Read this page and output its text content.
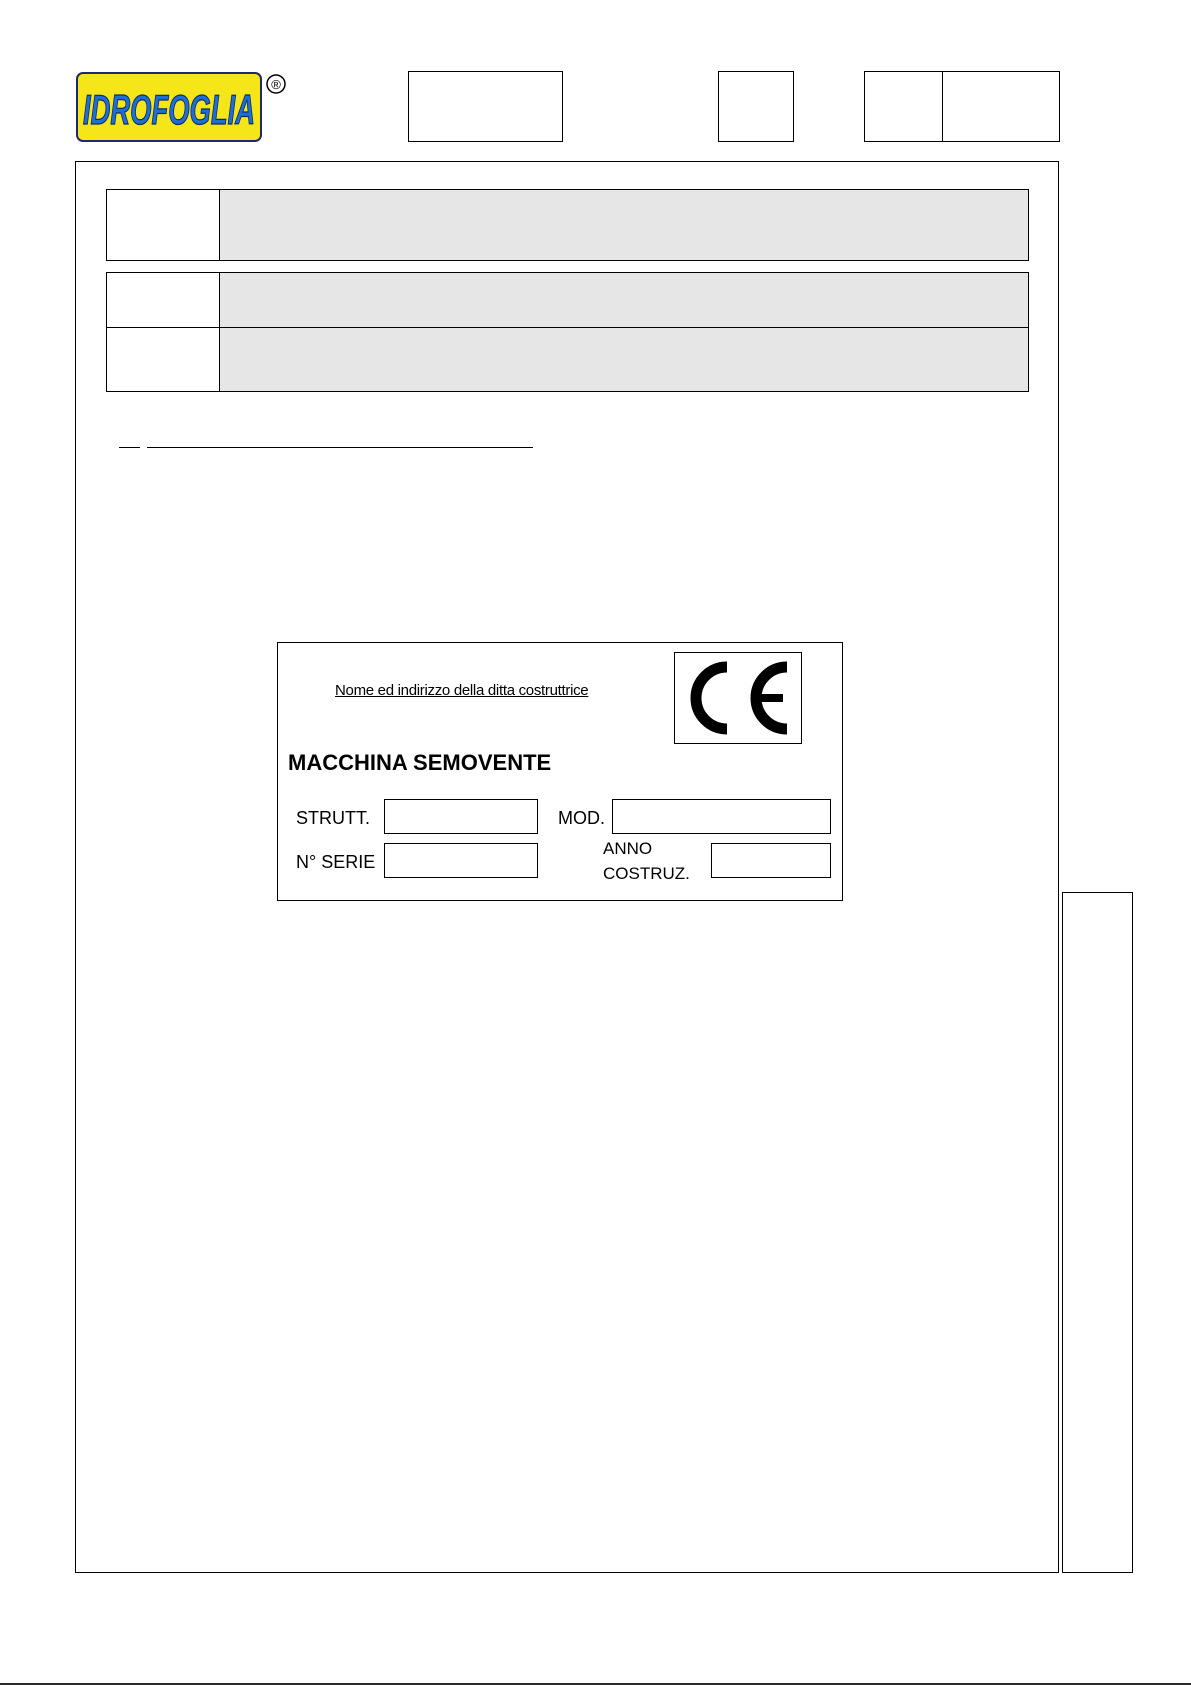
IDROFOGLIA
®
Nome ed indirizzo della ditta costruttrice
MACCHINA SEMOVENTE
STRUTT.	MOD.
N° SERIE
ANNO
COSTRUZ.
